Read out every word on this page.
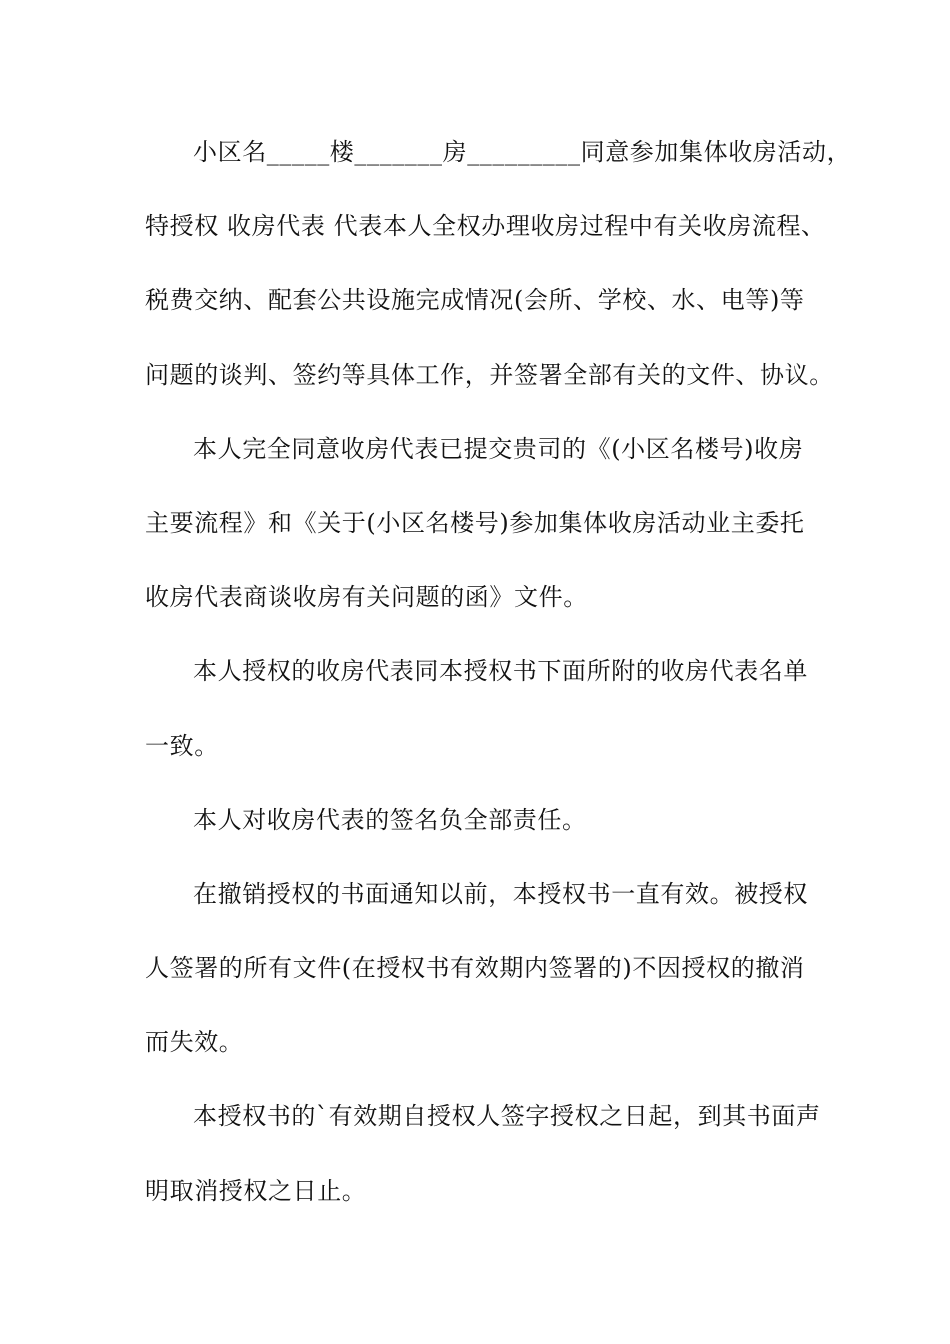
小区名_____楼_______房_________同意参加集体收房活动，
特授权 收房代表 代表本人全权办理收房过程中有关收房流程、
税费交纳、配套公共设施完成情况(会所、学校、水、电等)等
问题的谈判、签约等具体工作，并签署全部有关的文件、协议。
本人完全同意收房代表已提交贵司的《(小区名楼号)收房
主要流程》和《关于(小区名楼号)参加集体收房活动业主委托
收房代表商谈收房有关问题的函》文件。
本人授权的收房代表同本授权书下面所附的收房代表名单
一致。
本人对收房代表的签名负全部责任。
在撤销授权的书面通知以前，本授权书一直有效。被授权
人签署的所有文件(在授权书有效期内签署的)不因授权的撤消
而失效。
本授权书的`有效期自授权人签字授权之日起，到其书面声
明取消授权之日止。
